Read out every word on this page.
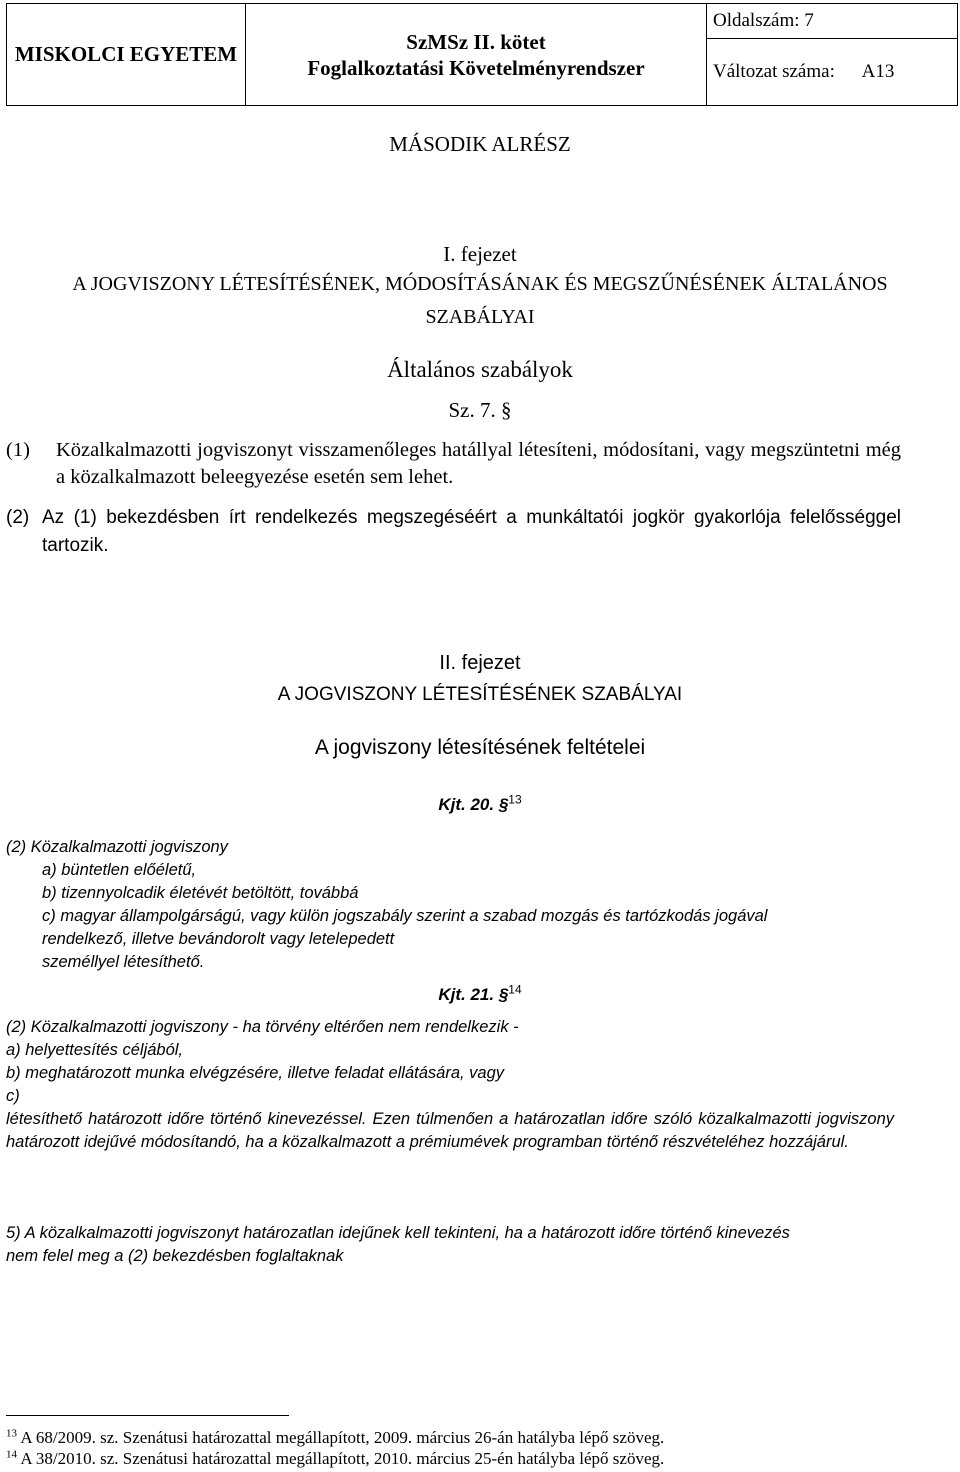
MISKOLCI EGYETEM	
SzMSz II. kötet
Foglalkoztatási Követelményrendszer

Oldalszám: 7
Változat száma: A13
MÁSODIK ALRÉSZ
I. fejezet
A JOGVISZONY LÉTESÍTÉSÉNEK, MÓDOSÍTÁSÁNAK ÉS MEGSZŰNÉSÉNEK ÁLTALÁNOS
SZABÁLYAI
Általános szabályok
Sz. 7. §
(1) Közalkalmazotti jogviszonyt visszamenőleges hatállyal létesíteni, módosítani, vagy megszüntetni még a közalkalmazott beleegyezése esetén sem lehet.
(2) Az (1) bekezdésben írt rendelkezés megszegéséért a munkáltatói jogkör gyakorlója felelősséggel tartozik.
II. fejezet
A JOGVISZONY LÉTESÍTÉSÉNEK SZABÁLYAI
A jogviszony létesítésének feltételei
Kjt. 20. §$^{13}$
(2) Közalkalmazotti jogviszony
a) büntetlen előéletű,
b) tizennyolcadik életévét betöltött, továbbá
c) magyar állampolgárságú, vagy külön jogszabály szerint a szabad mozgás és tartózkodás jogával
rendelkező, illetve bevándorolt vagy letelepedett
személlyel létesíthető.
Kjt. 21. §$^{14}$
(2) Közalkalmazotti jogviszony - ha törvény eltérően nem rendelkezik -
a) helyettesítés céljából,
b) meghatározott munka elvégzésére, illetve feladat ellátására, vagy
c)
létesíthető határozott időre történő kinevezéssel. Ezen túlmenően a határozatlan időre szóló közalkalmazotti jogviszony határozott idejűvé módosítandó, ha a közalkalmazott a prémiumévek programban történő részvételéhez hozzájárul.
5) A közalkalmazotti jogviszonyt határozatlan idejűnek kell tekinteni, ha a határozott időre történő kinevezés
nem felel meg a (2) bekezdésben foglaltaknak
$^{13}$ A 68/2009. sz. Szenátusi határozattal megállapított, 2009. március 26-án hatályba lépő szöveg.
$^{14}$ A 38/2010. sz. Szenátusi határozattal megállapított, 2010. március 25-én hatályba lépő szöveg.
